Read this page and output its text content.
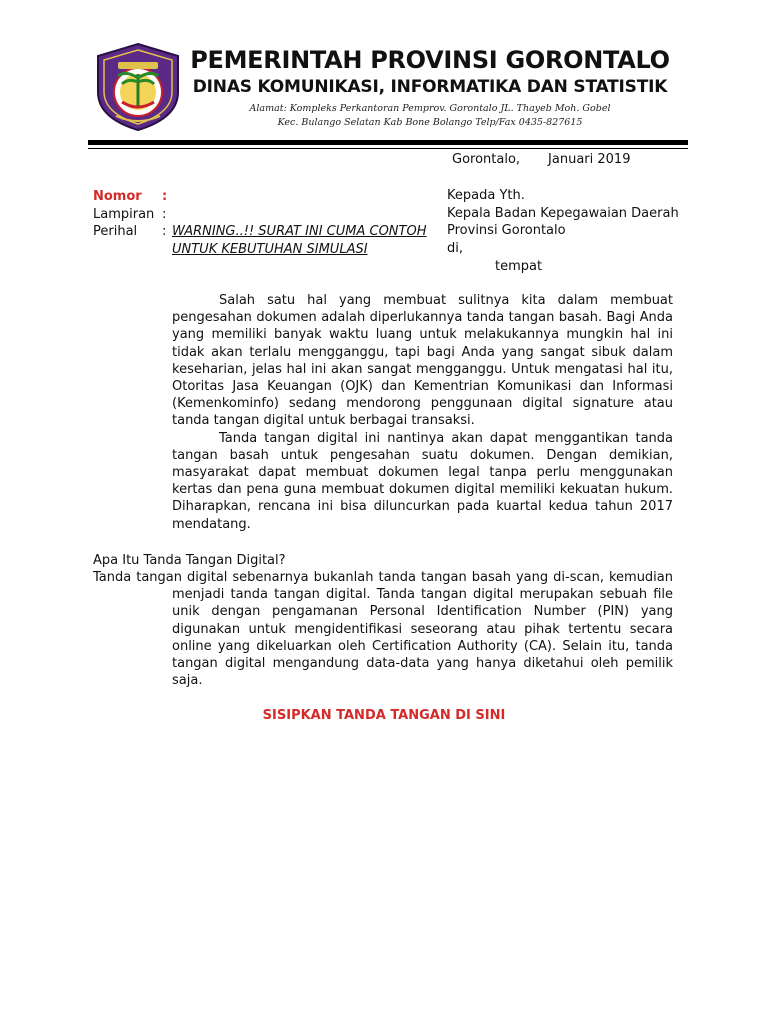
PEMERINTAH PROVINSI GORONTALO
DINAS KOMUNIKASI, INFORMATIKA DAN STATISTIK
Alamat: Kompleks Perkantoran Pemprov. Gorontalo JL. Thayeb Moh. Gobel
Kec. Bulango Selatan Kab Bone Bolango Telp/Fax 0435-827615
Gorontalo, Januari 2019
Nomor	:
Lampiran :
Perihal	: WARNING..!! SURAT INI CUMA CONTOH
UNTUK KEBUTUHAN SIMULASI
Kepada Yth.
Kepala Badan Kepegawaian Daerah
Provinsi Gorontalo
di,
tempat

Salah satu hal yang membuat sulitnya kita dalam membuat pengesahan dokumen adalah diperlukannya tanda tangan basah. Bagi Anda yang memiliki banyak waktu luang untuk melakukannya mungkin hal ini tidak akan terlalu mengganggu, tapi bagi Anda yang sangat sibuk dalam keseharian, jelas hal ini akan sangat mengganggu. Untuk mengatasi hal itu, Otoritas Jasa Keuangan (OJK) dan Kementrian Komunikasi dan Informasi (Kemenkominfo) sedang mendorong penggunaan digital signature atau tanda tangan digital untuk berbagai transaksi.

Tanda tangan digital ini nantinya akan dapat menggantikan tanda tangan basah untuk pengesahan suatu dokumen. Dengan demikian, masyarakat dapat membuat dokumen legal tanpa perlu menggunakan kertas dan pena guna membuat dokumen digital memiliki kekuatan hukum. Diharapkan, rencana ini bisa diluncurkan pada kuartal kedua tahun 2017 mendatang.

Apa Itu Tanda Tangan Digital?

Tanda tangan digital sebenarnya bukanlah tanda tangan basah yang di-scan, kemudian menjadi tanda tangan digital. Tanda tangan digital merupakan sebuah file unik dengan pengamanan Personal Identification Number (PIN) yang digunakan untuk mengidentifikasi seseorang atau pihak tertentu secara online yang dikeluarkan oleh Certification Authority (CA). Selain itu, tanda tangan digital mengandung data-data yang hanya diketahui oleh pemilik saja.

SISIPKAN TANDA TANGAN DI SINI
